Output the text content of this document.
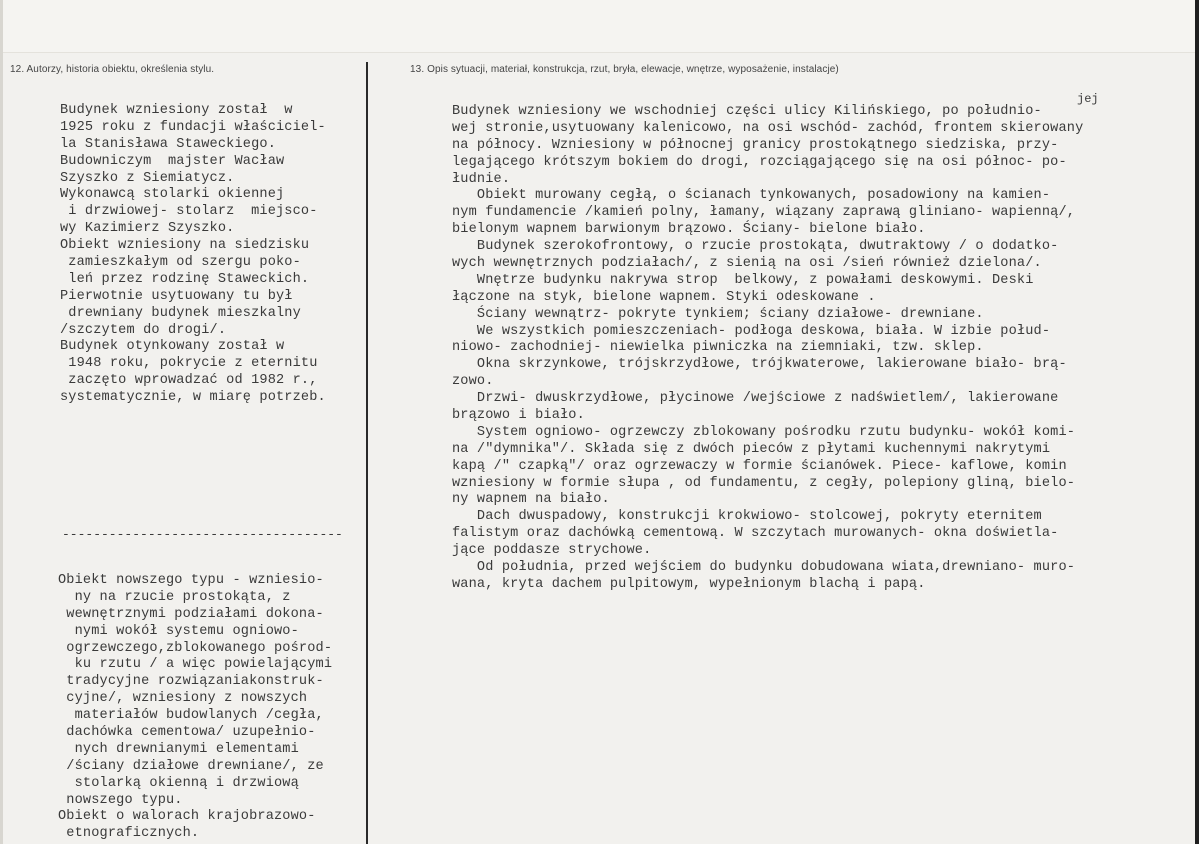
12. Autorzy, historia obiektu, określenia stylu.	13. Opis sytuacji, materiał, konstrukcja, rzut, bryła, elewacje, wnętrze, wyposażenie, instalacje)
Budynek wzniesiony został  w
1925 roku z fundacji właściciel-
la Stanisława Staweckiego.
Budowniczym  majster Wacław
Szyszko z Siemiatycz.
Wykonawcą stolarki okiennej
i drzwiowej- stolarz  miejsco-
wy Kazimierz Szyszko.
Obiekt wzniesiony na siedzisku
zamieszkałym od szergu poko-
leń przez rodzinę Staweckich.
Pierwotnie usytuowany tu był
drewniany budynek mieszkalny
/szczytem do drogi/.
Budynek otynkowany został w
1948 roku, pokrycie z eternitu
zaczęto wprowadzać od 1982 r.,
systematycznie, w miarę potrzeb.
------------------------------------
Obiekt nowszego typu - wzniesio-
ny na rzucie prostokąta, z
wewnętrznymi podziałami dokona-
nymi wokół systemu ogniowo-
ogrzewczego,zblokowanego pośrod-
ku rzutu / a więc powielającymi
tradycyjne rozwiązaniakonstruk-
cyjne/, wzniesiony z nowszych
materiałów budowlanych /cegła,
dachówka cementowa/ uzupełnio-
nych drewnianymi elementami
/ściany działowe drewniane/, ze
stolarką okienną i drzwiową
nowszego typu.
Obiekt o walorach krajobrazowo-
etnograficznych.
jej
Budynek wzniesiony we wschodniej części ulicy Kilińskiego, po południo-
wej stronie,usytuowany kalenicowo, na osi wschód- zachód, frontem skierowany
na północy. Wzniesiony w północnej granicy prostokątnego siedziska, przy-
legającego krótszym bokiem do drogi, rozciągającego się na osi północ- po-
łudnie.
Obiekt murowany cegłą, o ścianach tynkowanych, posadowiony na kamien-
nym fundamencie /kamień polny, łamany, wiązany zaprawą gliniano- wapienną/,
bielonym wapnem barwionym brązowo. Ściany- bielone biało.
Budynek szerokofrontowy, o rzucie prostokąta, dwutraktowy / o dodatko-
wych wewnętrznych podziałach/, z sienią na osi /sień również dzielona/.
Wnętrze budynku nakrywa strop  belkowy, z powałami deskowymi. Deski
łączone na styk, bielone wapnem. Styki odeskowane .
Ściany wewnątrz- pokryte tynkiem; ściany działowe- drewniane.
We wszystkich pomieszczeniach- podłoga deskowa, biała. W izbie połud-
niowo- zachodniej- niewielka piwniczka na ziemniaki, tzw. sklep.
Okna skrzynkowe, trójskrzydłowe, trójkwaterowe, lakierowane biało- brą-
zowo.
Drzwi- dwuskrzydłowe, płycinowe /wejściowe z nadświetlem/, lakierowane
brązowo i biało.
System ogniowo- ogrzewczy zblokowany pośrodku rzutu budynku- wokół komi-
na /"dymnika"/. Składa się z dwóch pieców z płytami kuchennymi nakrytymi
kapą /" czapką"/ oraz ogrzewaczy w formie ścianówek. Piece- kaflowe, komin
wzniesiony w formie słupa , od fundamentu, z cegły, polepiony gliną, bielo-
ny wapnem na biało.
Dach dwuspadowy, konstrukcji krokwiowo- stolcowej, pokryty eternitem
falistym oraz dachówką cementową. W szczytach murowanych- okna doświetla-
jące poddasze strychowe.
Od południa, przed wejściem do budynku dobudowana wiata,drewniano- muro-
wana, kryta dachem pulpitowym, wypełnionym blachą i papą.
